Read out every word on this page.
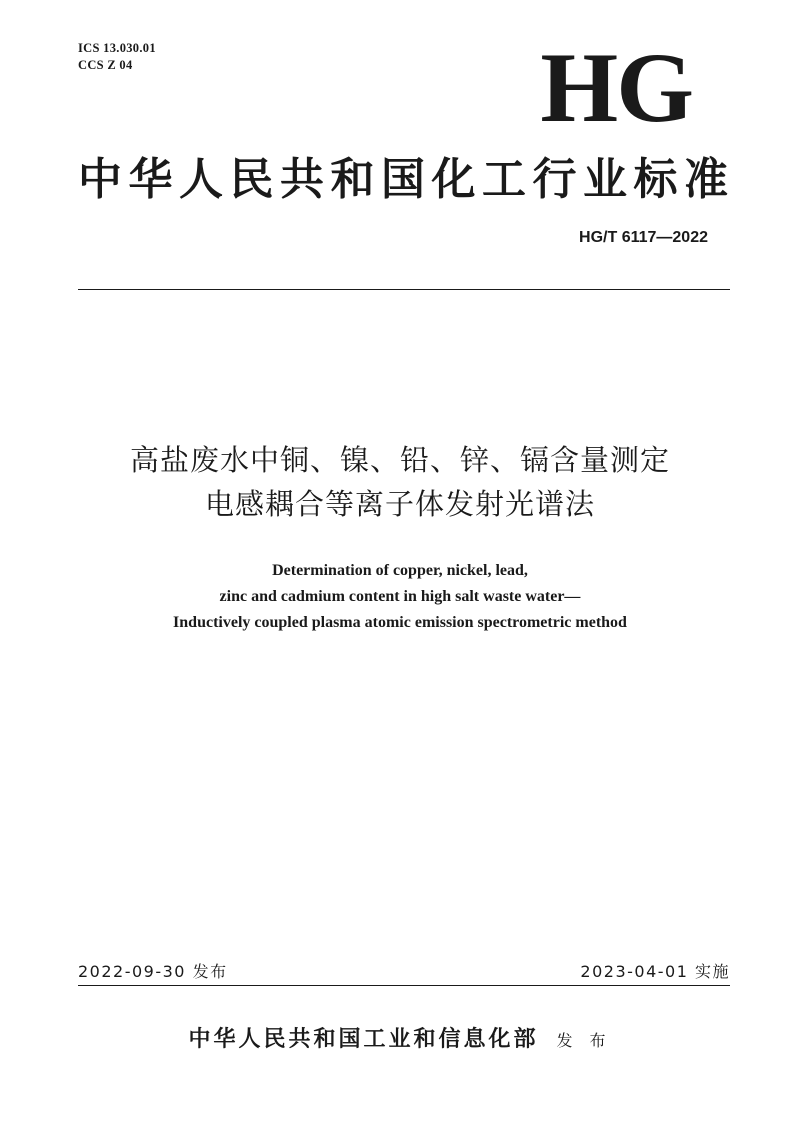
ICS 13.030.01
CCS Z 04	HG
中华人民共和国化工行业标准
HG/T 6117—2022
高盐废水中铜、镍、铅、锌、镉含量测定
电感耦合等离子体发射光谱法
Determination of copper, nickel, lead,
zinc and cadmium content in high salt waste water—
Inductively coupled plasma atomic emission spectrometric method
2022-09-30 发布	2023-04-01 实施
中华人民共和国工业和信息化部 发 布
